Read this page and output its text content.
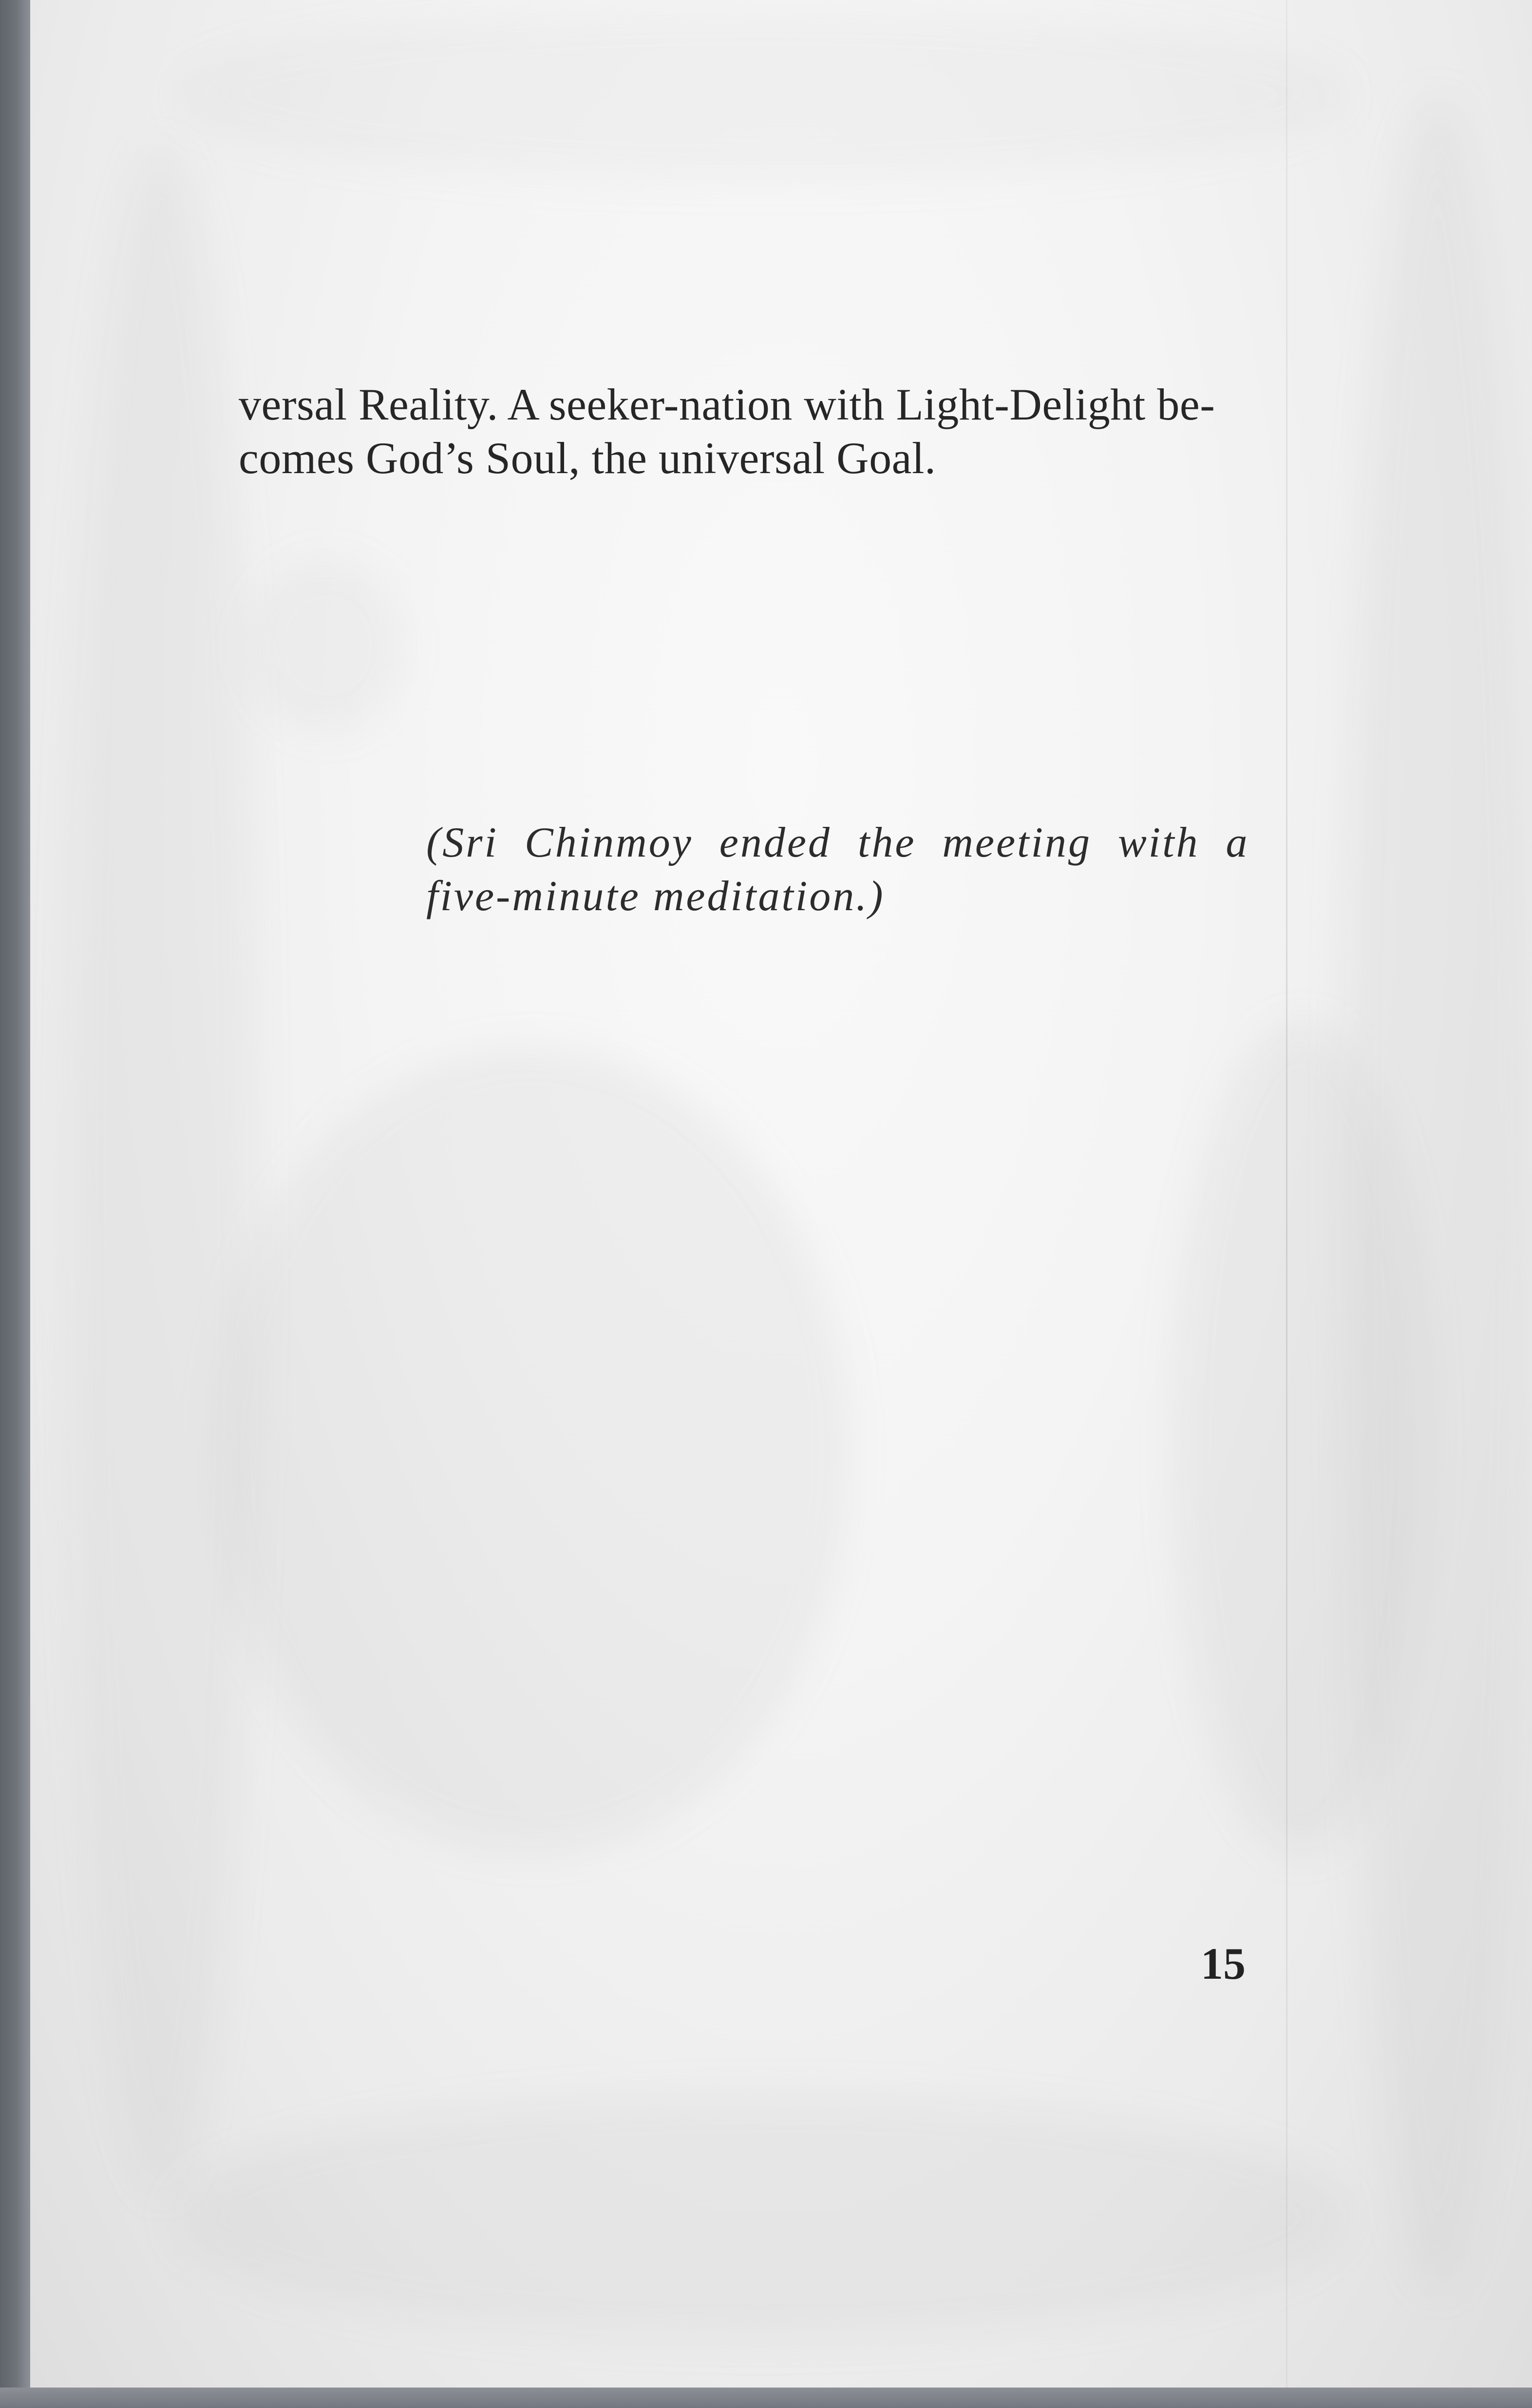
versal Reality. A seeker-nation with Light-Delight be-
comes God’s Soul, the universal Goal.

(Sri Chinmoy ended the meeting with a
five-minute meditation.)

15
